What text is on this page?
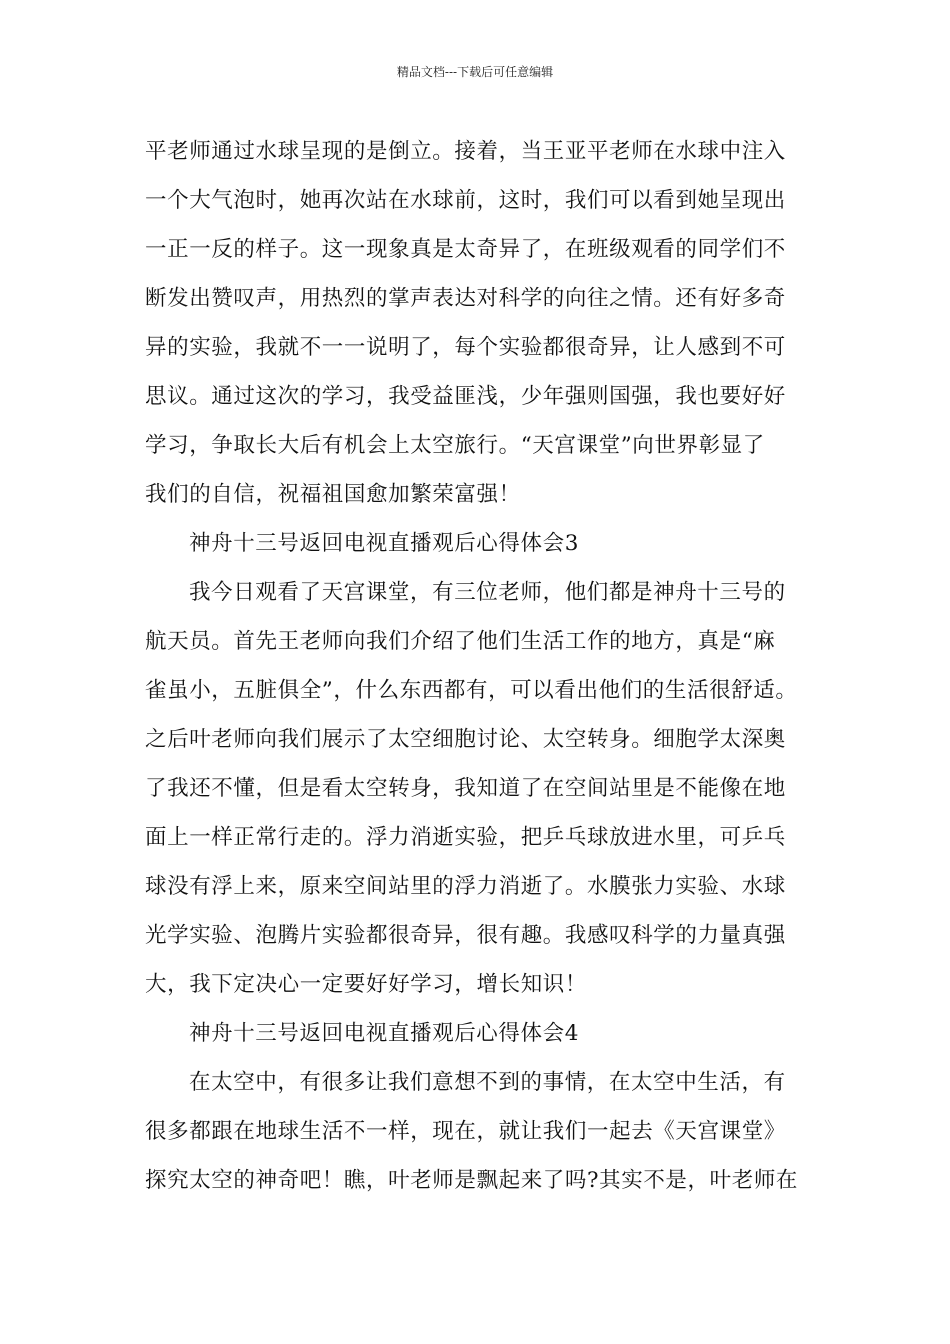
精品文档---下载后可任意编辑
平老师通过水球呈现的是倒立。接着，当王亚平老师在水球中注入
一个大气泡时，她再次站在水球前，这时，我们可以看到她呈现出
一正一反的样子。这一现象真是太奇异了，在班级观看的同学们不
断发出赞叹声，用热烈的掌声表达对科学的向往之情。还有好多奇
异的实验，我就不一一说明了，每个实验都很奇异，让人感到不可
思议。通过这次的学习，我受益匪浅，少年强则国强，我也要好好
学习，争取长大后有机会上太空旅行。“天宫课堂”向世界彰显了
我们的自信，祝福祖国愈加繁荣富强！
神舟十三号返回电视直播观后心得体会3
我今日观看了天宫课堂，有三位老师，他们都是神舟十三号的
航天员。首先王老师向我们介绍了他们生活工作的地方，真是“麻
雀虽小，五脏俱全”，什么东西都有，可以看出他们的生活很舒适。
之后叶老师向我们展示了太空细胞讨论、太空转身。细胞学太深奥
了我还不懂，但是看太空转身，我知道了在空间站里是不能像在地
面上一样正常行走的。浮力消逝实验，把乒乓球放进水里，可乒乓
球没有浮上来，原来空间站里的浮力消逝了。水膜张力实验、水球
光学实验、泡腾片实验都很奇异，很有趣。我感叹科学的力量真强
大，我下定决心一定要好好学习，增长知识！
神舟十三号返回电视直播观后心得体会4
在太空中，有很多让我们意想不到的事情，在太空中生活，有
很多都跟在地球生活不一样，现在，就让我们一起去《天宫课堂》
探究太空的神奇吧！瞧，叶老师是飘起来了吗?其实不是，叶老师在
